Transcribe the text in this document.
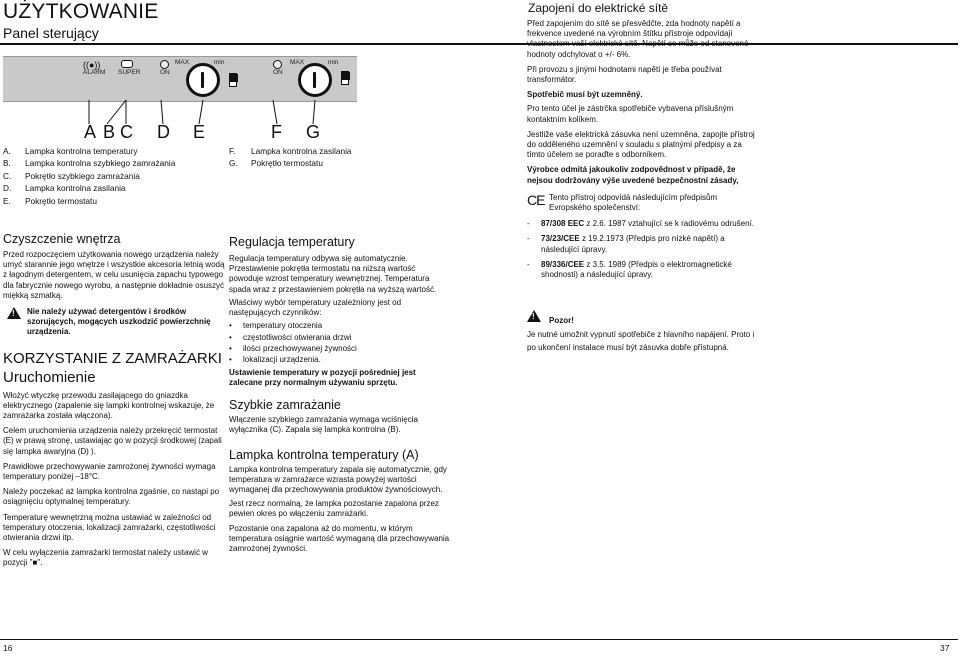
UŻYTKOWANIE
Panel sterujący
Zapojení do elektrické sítě
((●))
ALARM SUPER	ON
MAX	min
ON
MAX	min
A B C D E	F G
A. Lampka kontrolna temperatury
B. Lampka kontrolna szybkiego zamrażania
C. Pokrętło szybkiego zamrażania
D. Lampka kontrolna zasilania
E. Pokrętło termostatu
F. Lampka kontrolna zasilania
G. Pokrętło termostatu
Czyszczenie wnętrza

Przed rozpoczęciem użytkowania nowego urządzenia należy umyć starannie jego wnętrze i wszystkie akcesoria letnią wodą z łagodnym detergentem, w celu usunięcia zapachu typowego dla fabrycznie nowego wyrobu, a następnie dokładnie osuszyć miękką szmatką.

! Nie należy używać detergentów i środków szorujących, mogących uszkodzić powierzchnię urządzenia.

KORZYSTANIE Z ZAMRAŻARKI
Uruchomienie

Włożyć wtyczkę przewodu zasilającego do gniazdka elektrycznego (zapalenie się lampki kontrolnej wskazuje, że zamrażarka została włączona).

Celem uruchomienia urządzenia należy przekręcić termostat (E) w prawą stronę, ustawiając go w pozycji środkowej (zapali się lampka awaryjna (D) ).

Prawidłowe przechowywanie zamrożonej żywności wymaga temperatury poniżej –18°C.

Należy poczekać aż lampka kontrolna zgaśnie, co nastąpi po osiągnięciu optymalnej temperatury.

Temperaturę wewnętrzną można ustawiać w zależności od temperatury otoczenia, lokalizacji zamrażarki, częstotliwości otwierania drzwi itp.

W celu wyłączenia zamrażarki termostat należy ustawić w pozycji "■".

Regulacja temperatury

Regulacja temperatury odbywa się automatycznie. Przestawienie pokrętła termostatu na niższą wartość powoduje wzrost temperatury wewnętrznej. Temperatura spada wraz z przestawieniem pokrętła na wyższą wartość.

Właściwy wybór temperatury uzależniony jest od następujących czynników:

• temperatury otoczenia
• częstotliwości otwierania drzwi
• ilości przechowywanej żywności
• lokalizacji urządzenia.

Ustawienie temperatury w pozycji pośredniej jest zalecane przy normalnym używaniu sprzętu.

Szybkie zamrażanie

Włączenie szybkiego zamrażania wymaga wciśnięcia wyłącznika (C). Zapala się lampka kontrolna (B).

Lampka kontrolna temperatury (A)

Lampka kontrolna temperatury zapala się automatycznie, gdy temperatura w zamrażarce wzrasta powyżej wartości wymaganej dla przechowywania produktów żywnościowych.

Jest rzecz normalną, że lampka pozostanie zapalona przez pewien okres po włączeniu zamrażarki.

Pozostanie ona zapalona aż do momentu, w którym temperatura osiągnie wartość wymaganą dla przechowywania zamrożonej żywności.

Před zapojením do sítě se přesvědčte, zda hodnoty napětí a frekvence uvedené na výrobním štítku přístroje odpovídají vlastnostem vaší elektrické sítě. Napětí se může od stanovené hodnoty odchylovat o +/- 6%.

Při provozu s jinými hodnotami napětí je třeba používat transformátor.

Spotřebič musí být uzemněný.

Pro tento účel je zástrčka spotřebiče vybavena příslušným kontaktním kolíkem.

Jestliže vaše elektrická zásuvka není uzemněna, zapojte přístroj do odděleného uzemnění v souladu s platnými předpisy a za tímto účelem se poraďte s odborníkem.

Výrobce odmítá jakoukoliv zodpovědnost v případě, že nejsou dodržovány výše uvedené bezpečnostní zásady,

CE Tento přístroj odpovídá následujícím předpisům Evropského společenství:

- 87/308 EEC z 2.6. 1987 vztahující se k radiovému odrušení.

- 73/23/CEE z 19.2.1973 (Předpis pro nízké napětí) a následující úpravy.

- 89/336/CEE z 3.5. 1989 (Předpis o elektromagnetické shodnosti) a následující úpravy.

! Pozor!

Je nutné umožnit vypnutí spotřebiče z hlavního napájení. Proto i po ukončení instalace musí být zásuvka dobře přístupná.

16	37
